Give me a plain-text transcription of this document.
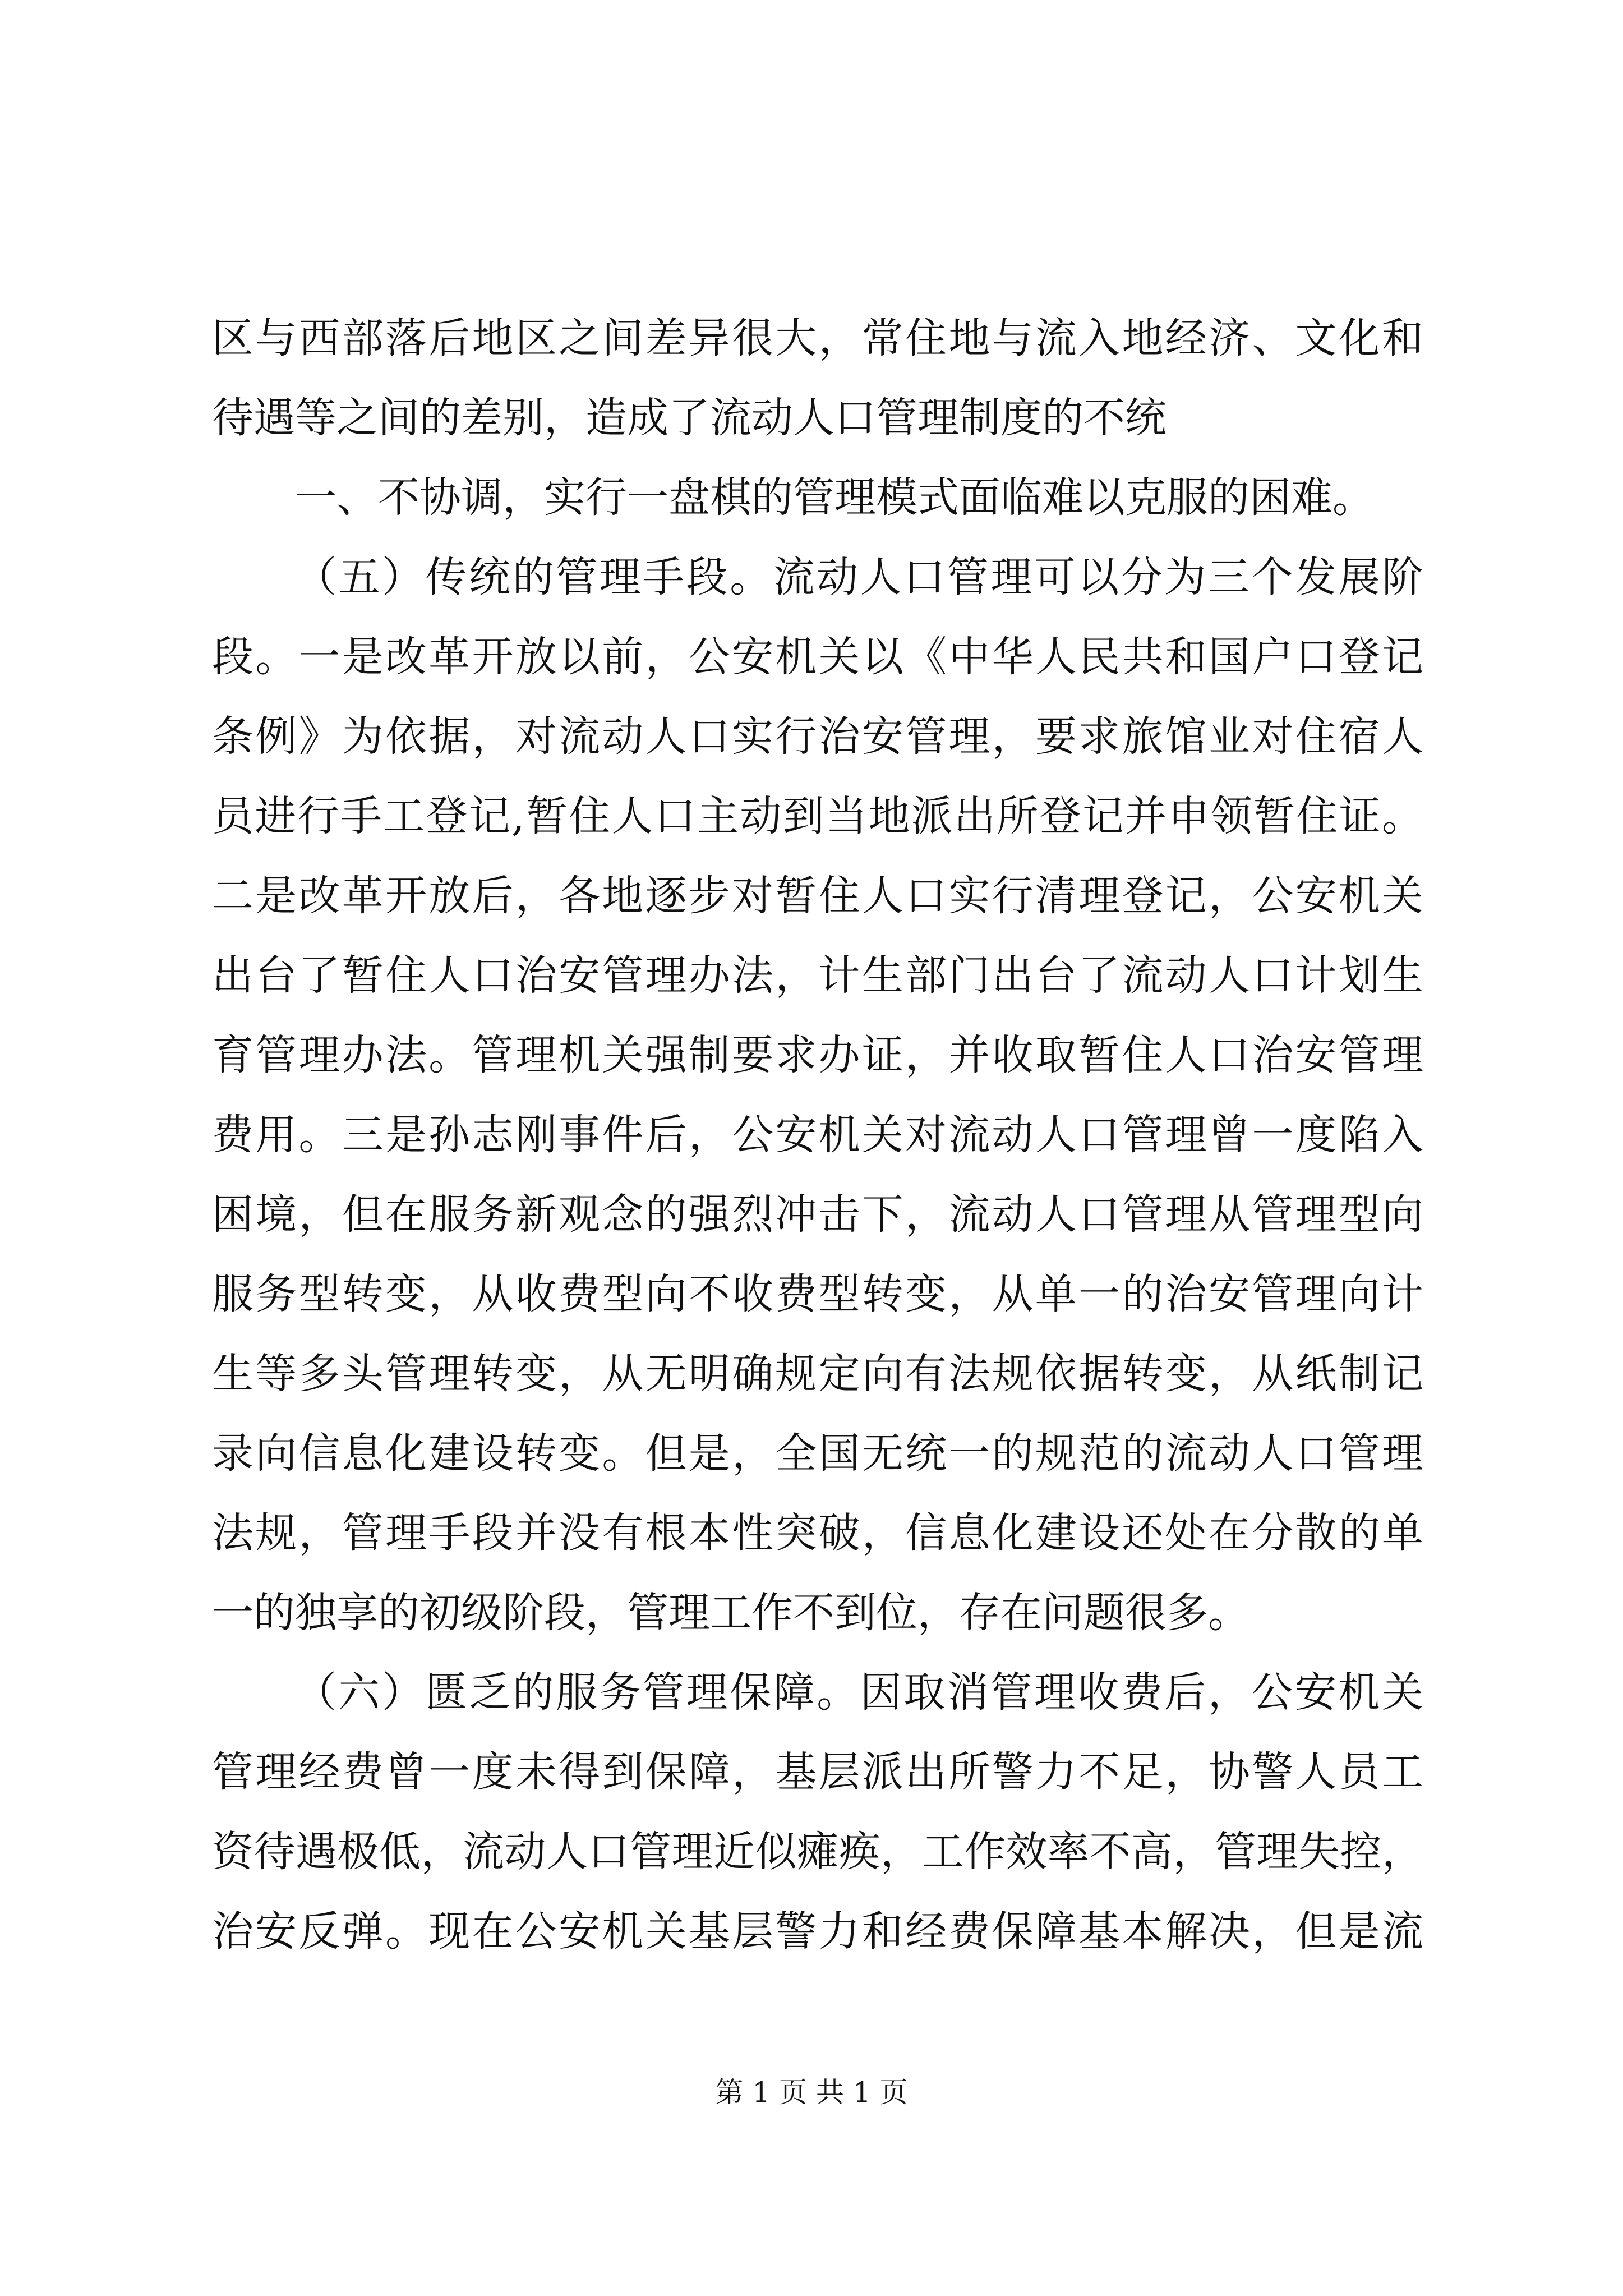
区与西部落后地区之间差异很大，常住地与流入地经济、文化和
待遇等之间的差别，造成了流动人口管理制度的不统
一、不协调，实行一盘棋的管理模式面临难以克服的困难。
（五）传统的管理手段。流动人口管理可以分为三个发展阶
段。一是改革开放以前，公安机关以《中华人民共和国户口登记
条例》为依据，对流动人口实行治安管理，要求旅馆业对住宿人
员进行手工登记,暂住人口主动到当地派出所登记并申领暂住证。
二是改革开放后，各地逐步对暂住人口实行清理登记，公安机关
出台了暂住人口治安管理办法，计生部门出台了流动人口计划生
育管理办法。管理机关强制要求办证，并收取暂住人口治安管理
费用。三是孙志刚事件后，公安机关对流动人口管理曾一度陷入
困境，但在服务新观念的强烈冲击下，流动人口管理从管理型向
服务型转变，从收费型向不收费型转变，从单一的治安管理向计
生等多头管理转变，从无明确规定向有法规依据转变，从纸制记
录向信息化建设转变。但是，全国无统一的规范的流动人口管理
法规，管理手段并没有根本性突破，信息化建设还处在分散的单
一的独享的初级阶段，管理工作不到位，存在问题很多。
（六）匮乏的服务管理保障。因取消管理收费后，公安机关
管理经费曾一度未得到保障，基层派出所警力不足，协警人员工
资待遇极低，流动人口管理近似瘫痪，工作效率不高，管理失控，
治安反弹。现在公安机关基层警力和经费保障基本解决，但是流
第 1 页 共 1 页
